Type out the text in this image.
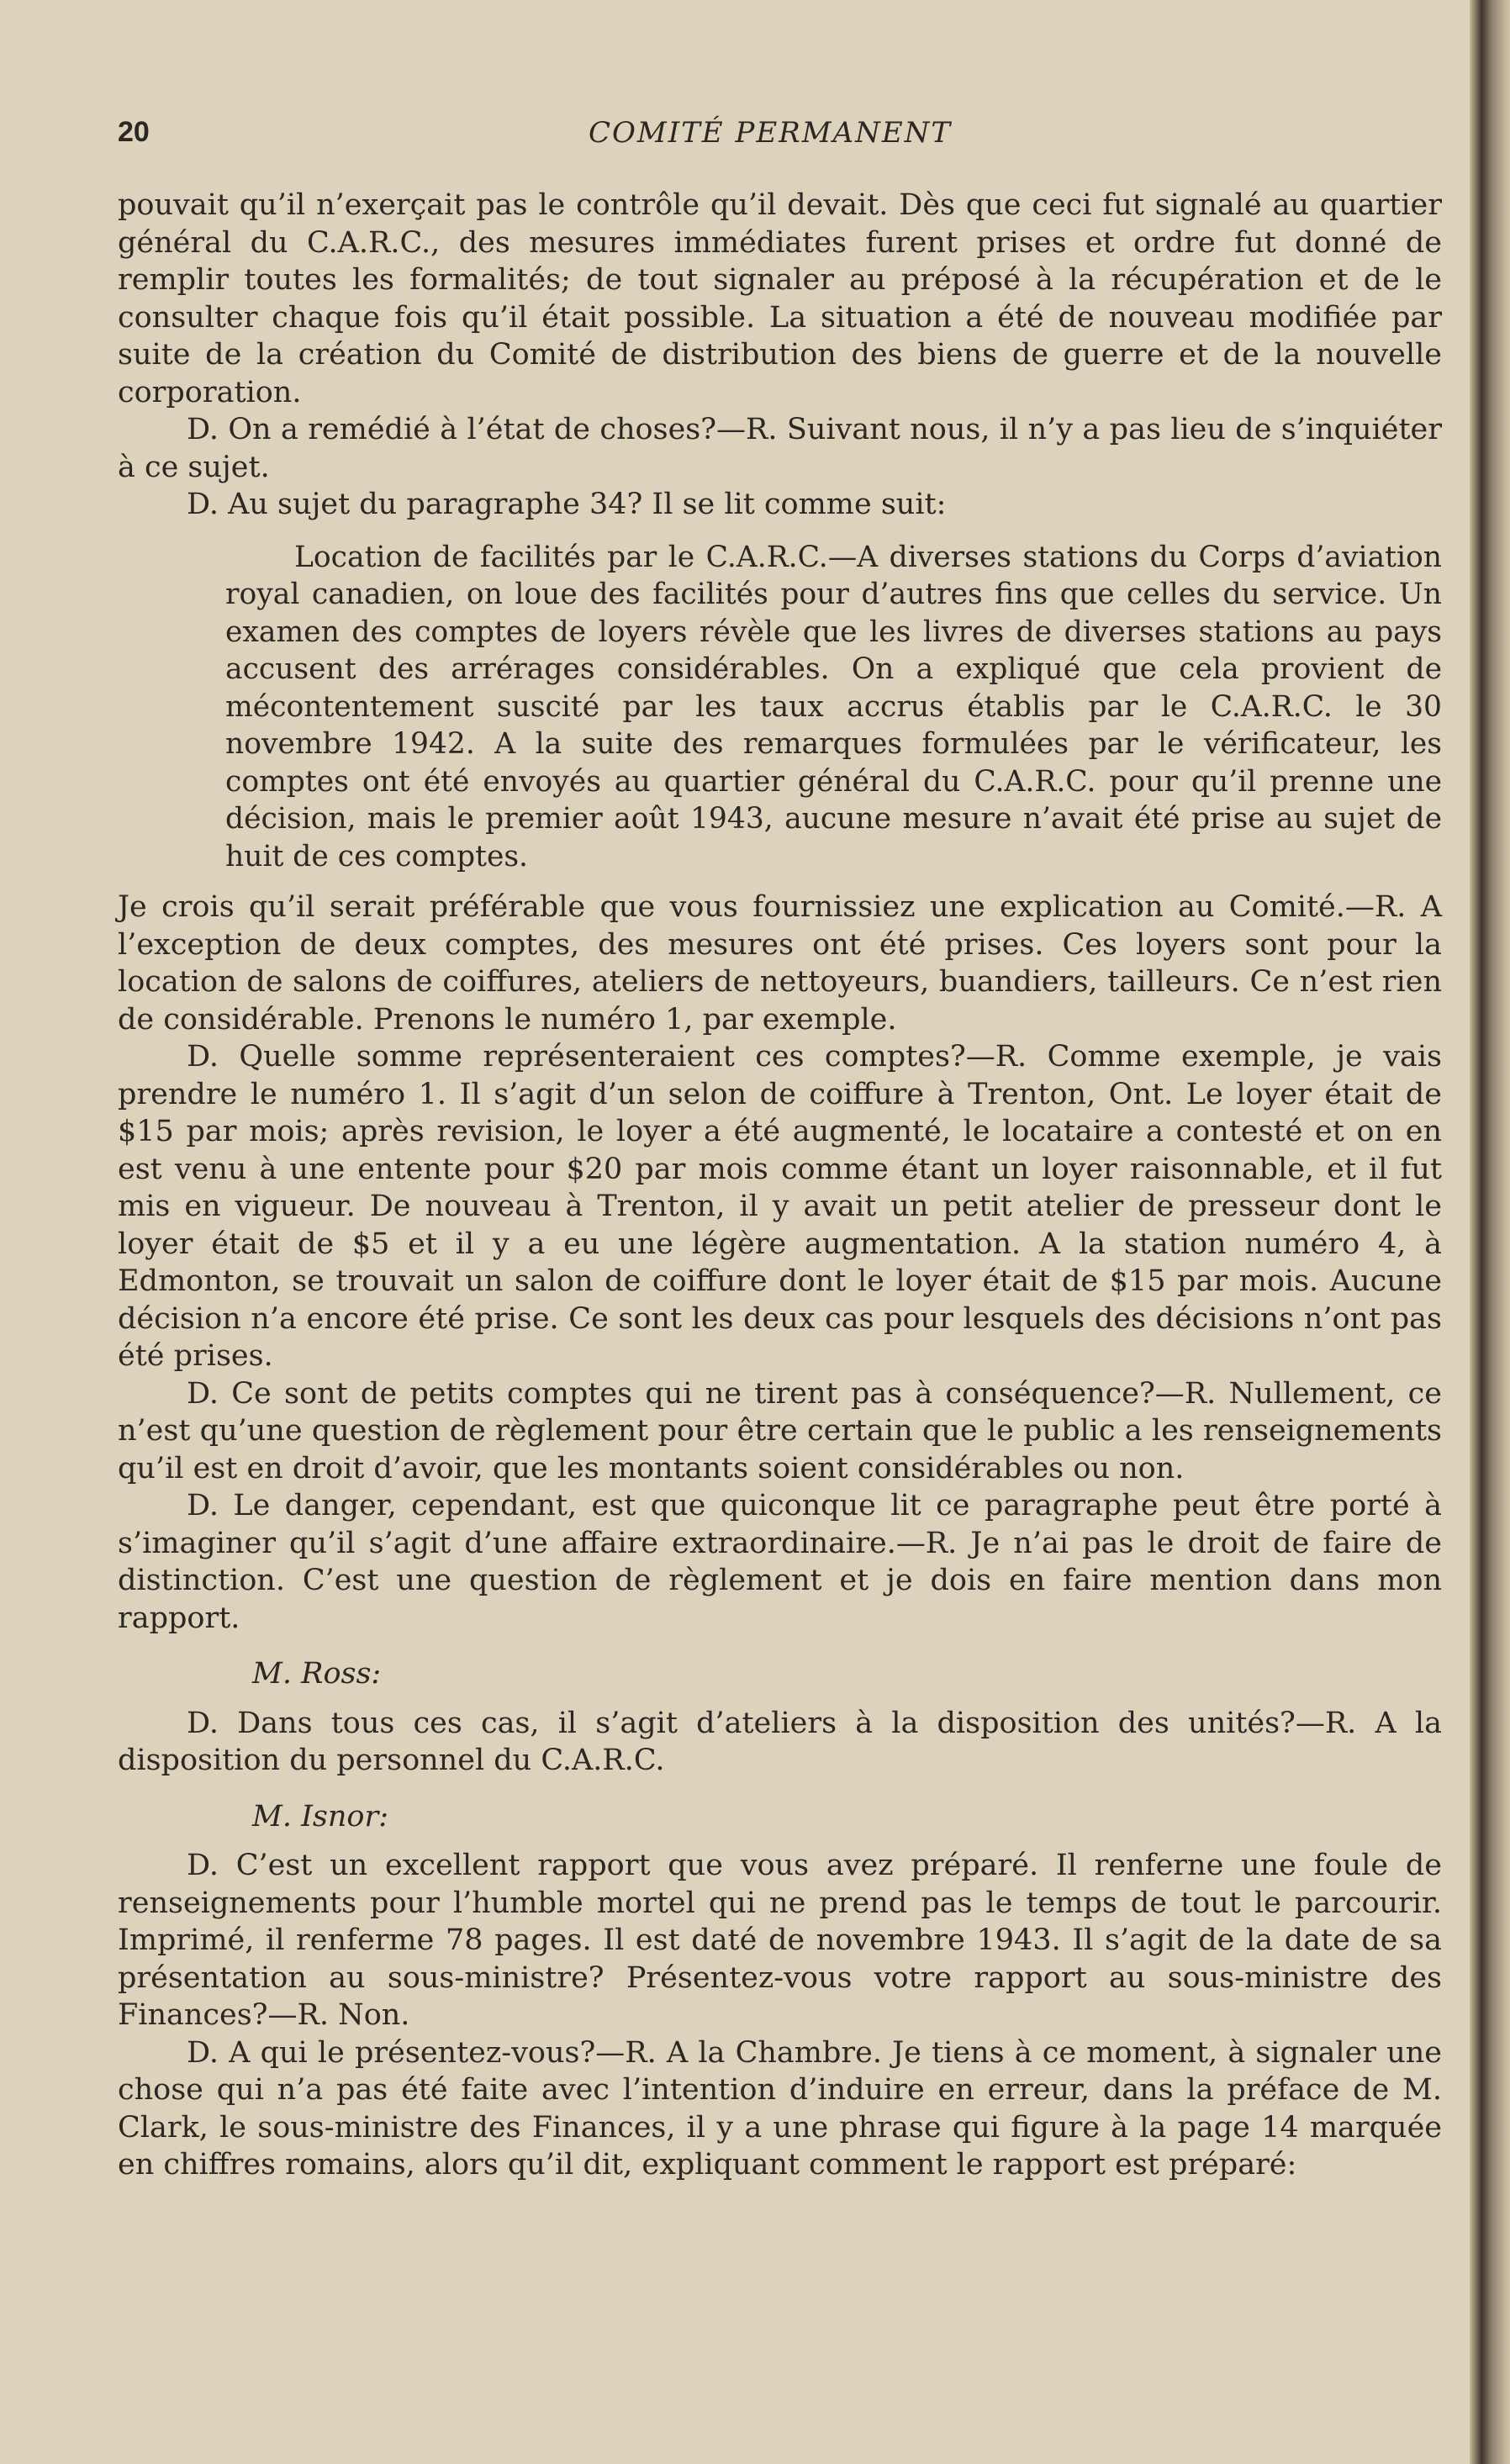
20	COMITÉ PERMANENT

pouvait qu’il n’exerçait pas le contrôle qu’il devait. Dès que ceci fut signalé au quartier général du C.A.R.C., des mesures immédiates furent prises et ordre fut donné de remplir toutes les formalités; de tout signaler au préposé à la récupération et de le consulter chaque fois qu’il était possible. La situation a été de nouveau modifiée par suite de la création du Comité de distribution des biens de guerre et de la nouvelle corporation.

D. On a remédié à l’état de choses?—R. Suivant nous, il n’y a pas lieu de s’inquiéter à ce sujet.

D. Au sujet du paragraphe 34? Il se lit comme suit:

Location de facilités par le C.A.R.C.—A diverses stations du Corps d’aviation royal canadien, on loue des facilités pour d’autres fins que celles du service. Un examen des comptes de loyers révèle que les livres de diverses stations au pays accusent des arrérages considérables. On a expliqué que cela provient de mécontentement suscité par les taux accrus établis par le C.A.R.C. le 30 novembre 1942. A la suite des remarques formulées par le vérificateur, les comptes ont été envoyés au quartier général du C.A.R.C. pour qu’il prenne une décision, mais le premier août 1943, aucune mesure n’avait été prise au sujet de huit de ces comptes.

Je crois qu’il serait préférable que vous fournissiez une explication au Comité.—R. A l’exception de deux comptes, des mesures ont été prises. Ces loyers sont pour la location de salons de coiffures, ateliers de nettoyeurs, buandiers, tailleurs. Ce n’est rien de considérable. Prenons le numéro 1, par exemple.

D. Quelle somme représenteraient ces comptes?—R. Comme exemple, je vais prendre le numéro 1. Il s’agit d’un selon de coiffure à Trenton, Ont. Le loyer était de $15 par mois; après revision, le loyer a été augmenté, le locataire a contesté et on en est venu à une entente pour $20 par mois comme étant un loyer raisonnable, et il fut mis en vigueur. De nouveau à Trenton, il y avait un petit atelier de presseur dont le loyer était de $5 et il y a eu une légère augmentation. A la station numéro 4, à Edmonton, se trouvait un salon de coiffure dont le loyer était de $15 par mois. Aucune décision n’a encore été prise. Ce sont les deux cas pour lesquels des décisions n’ont pas été prises.

D. Ce sont de petits comptes qui ne tirent pas à conséquence?—R. Nullement, ce n’est qu’une question de règlement pour être certain que le public a les renseignements qu’il est en droit d’avoir, que les montants soient considérables ou non.

D. Le danger, cependant, est que quiconque lit ce paragraphe peut être porté à s’imaginer qu’il s’agit d’une affaire extraordinaire.—R. Je n’ai pas le droit de faire de distinction. C’est une question de règlement et je dois en faire mention dans mon rapport.

M. Ross:

D. Dans tous ces cas, il s’agit d’ateliers à la disposition des unités?—R. A la disposition du personnel du C.A.R.C.

M. Isnor:

D. C’est un excellent rapport que vous avez préparé. Il renferne une foule de renseignements pour l’humble mortel qui ne prend pas le temps de tout le parcourir. Imprimé, il renferme 78 pages. Il est daté de novembre 1943. Il s’agit de la date de sa présentation au sous-ministre? Présentez-vous votre rapport au sous-ministre des Finances?—R. Non.

D. A qui le présentez-vous?—R. A la Chambre. Je tiens à ce moment, à signaler une chose qui n’a pas été faite avec l’intention d’induire en erreur, dans la préface de M. Clark, le sous-ministre des Finances, il y a une phrase qui figure à la page 14 marquée en chiffres romains, alors qu’il dit, expliquant comment le rapport est préparé:
